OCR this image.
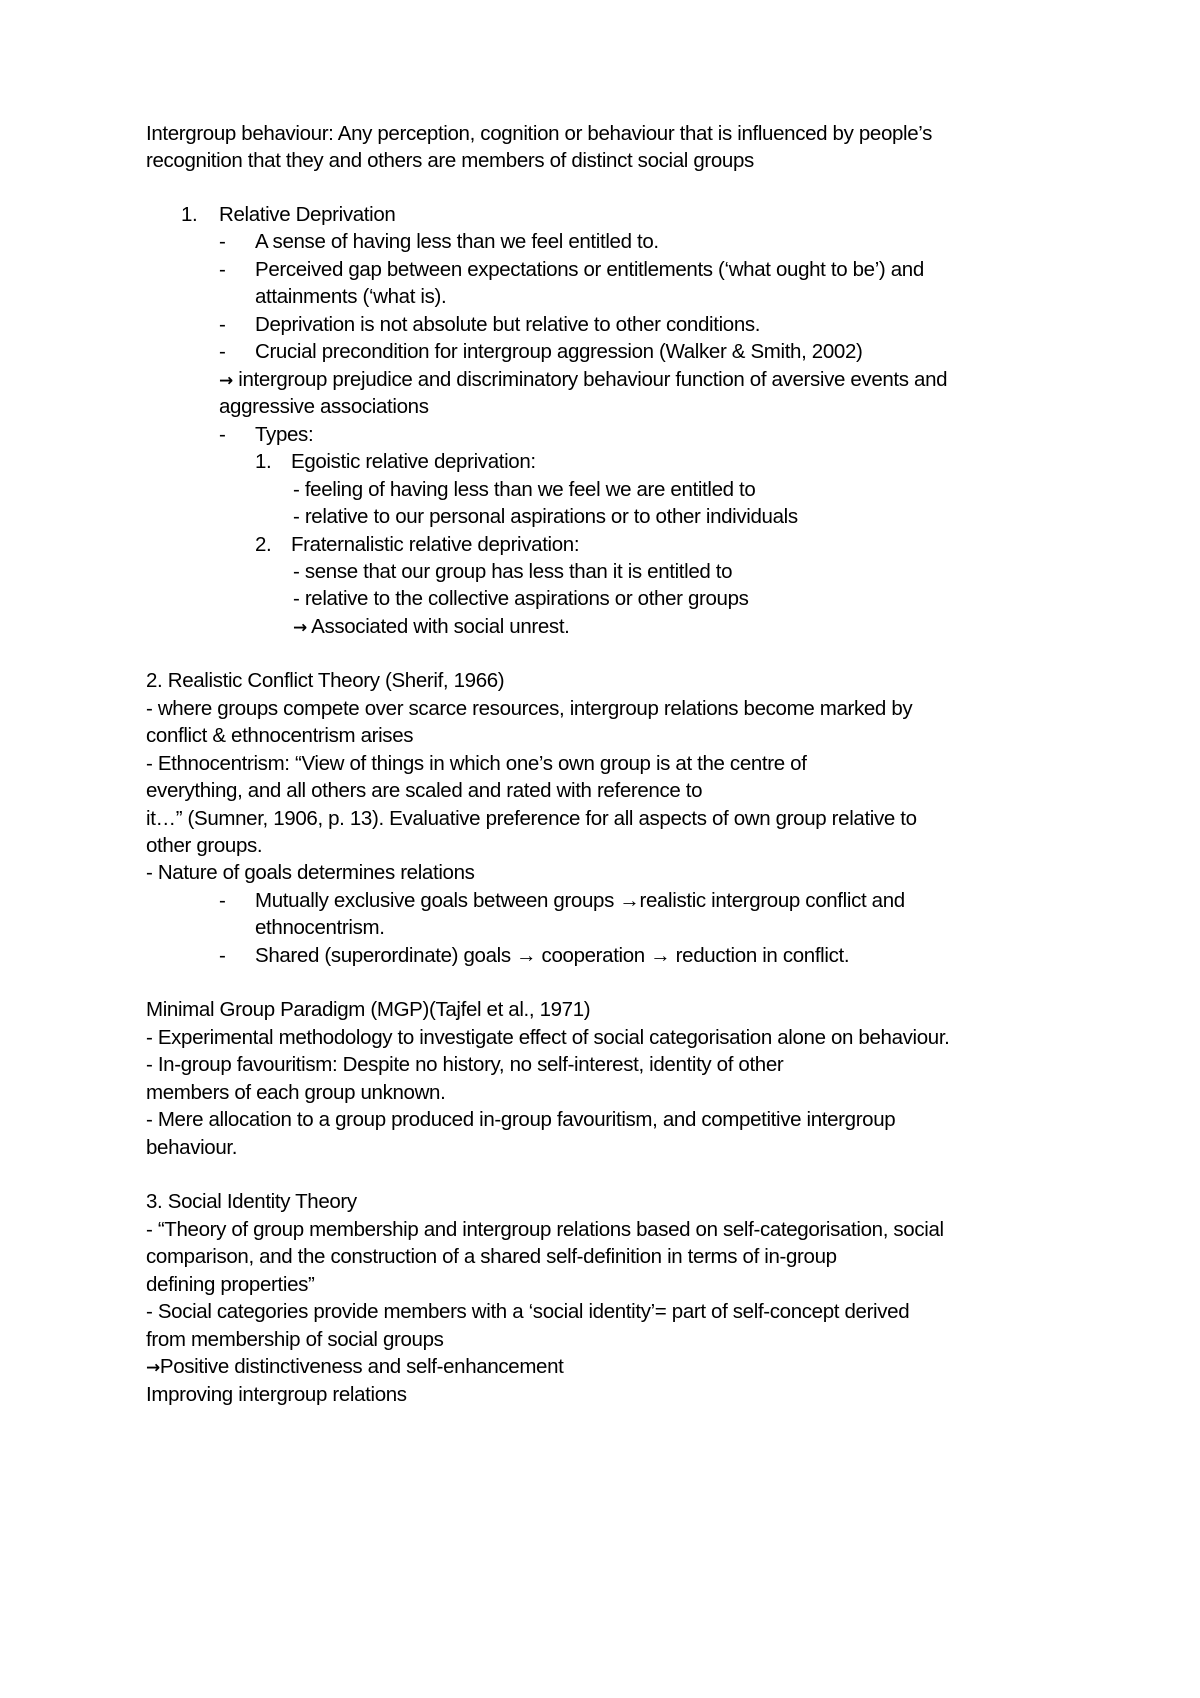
Intergroup behaviour: Any perception, cognition or behaviour that is influenced by people’s
recognition that they and others are members of distinct social groups
1. Relative Deprivation
- A sense of having less than we feel entitled to.
- Perceived gap between expectations or entitlements (‘what ought to be’) and
attainments (‘what is).
- Deprivation is not absolute but relative to other conditions.
- Crucial precondition for intergroup aggression (Walker & Smith, 2002)
→ intergroup prejudice and discriminatory behaviour function of aversive events and
aggressive associations
- Types:
1. Egoistic relative deprivation:
- feeling of having less than we feel we are entitled to
- relative to our personal aspirations or to other individuals
2. Fraternalistic relative deprivation:
- sense that our group has less than it is entitled to
- relative to the collective aspirations or other groups
→ Associated with social unrest.
2. Realistic Conflict Theory (Sherif, 1966)
- where groups compete over scarce resources, intergroup relations become marked by
conflict & ethnocentrism arises
- Ethnocentrism: “View of things in which one’s own group is at the centre of
everything, and all others are scaled and rated with reference to
it…” (Sumner, 1906, p. 13). Evaluative preference for all aspects of own group relative to
other groups.
- Nature of goals determines relations
- Mutually exclusive goals between groups →realistic intergroup conflict and
ethnocentrism.
- Shared (superordinate) goals → cooperation → reduction in conflict.
Minimal Group Paradigm (MGP)(Tajfel et al., 1971)
- Experimental methodology to investigate effect of social categorisation alone on behaviour.
- In-group favouritism: Despite no history, no self-interest, identity of other
members of each group unknown.
- Mere allocation to a group produced in-group favouritism, and competitive intergroup
behaviour.
3. Social Identity Theory
- “Theory of group membership and intergroup relations based on self-categorisation, social
comparison, and the construction of a shared self-definition in terms of in-group
defining properties”
- Social categories provide members with a ‘social identity’= part of self-concept derived
from membership of social groups
→Positive distinctiveness and self-enhancement
Improving intergroup relations
